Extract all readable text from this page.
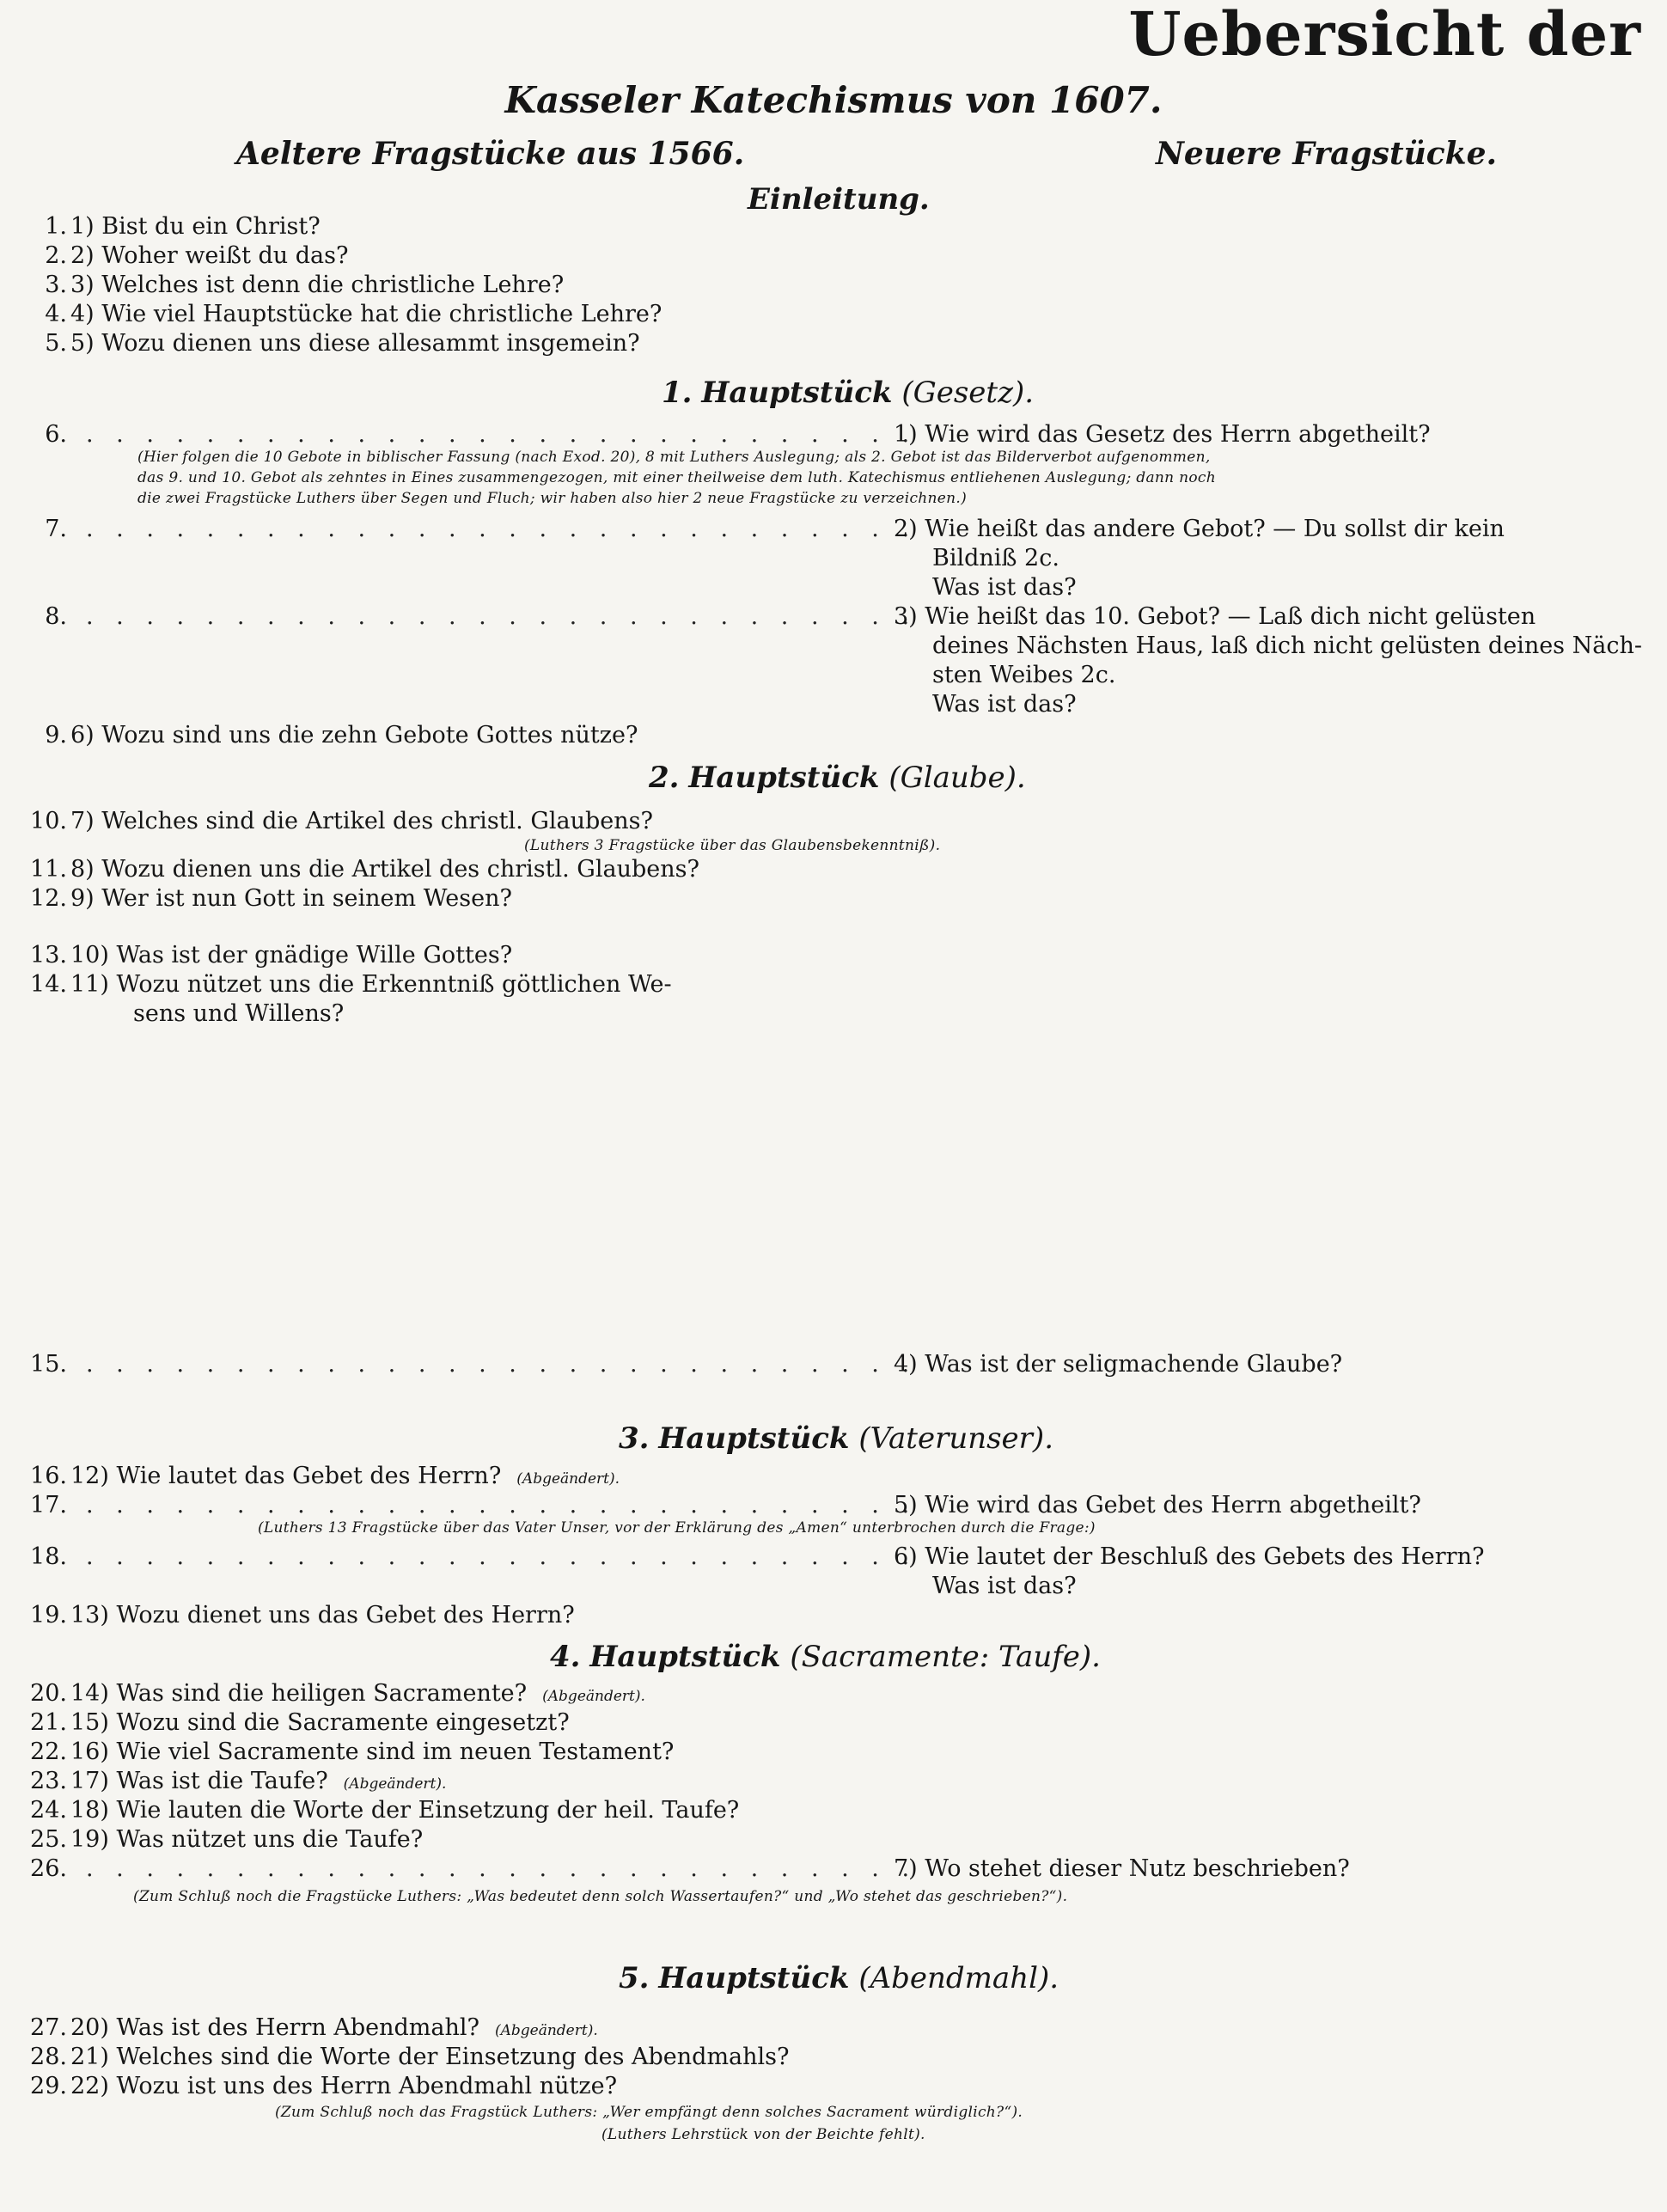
Uebersicht der
Kasseler Katechismus von 1607.
Aeltere Fragstücke aus 1566.	Neuere Fragstücke.
Einleitung.
1. 1) Bist du ein Christ?
2. 2) Woher weißt du das?
3. 3) Welches ist denn die christliche Lehre?
4. 4) Wie viel Hauptstücke hat die christliche Lehre?
5. 5) Wozu dienen uns diese allesammt insgemein?
1. Hauptstück (Gesetz).
6. . . . . . . . . . . . . . . . . . . . . . . . . . . . .
1) Wie wird das Gesetz des Herrn abgetheilt?
(Hier folgen die 10 Gebote in biblischer Fassung (nach Exod. 20), 8 mit Luthers Auslegung; als 2. Gebot ist das Bilderverbot aufgenommen,
das 9. und 10. Gebot als zehntes in Eines zusammengezogen, mit einer theilweise dem luth. Katechismus entliehenen Auslegung; dann noch
die zwei Fragstücke Luthers über Segen und Fluch; wir haben also hier 2 neue Fragstücke zu verzeichnen.)
7. . . . . . . . . . . . . . . . . . . . . . . . . . . . .
2) Wie heißt das andere Gebot? — Du sollst dir kein
Bildniß 2c.
Was ist das?
8. . . . . . . . . . . . . . . . . . . . . . . . . . . . .
3) Wie heißt das 10. Gebot? — Laß dich nicht gelüsten
deines Nächsten Haus, laß dich nicht gelüsten deines Näch-
sten Weibes 2c.
Was ist das?
9. 6) Wozu sind uns die zehn Gebote Gottes nütze?
2. Hauptstück (Glaube).
10. 7) Welches sind die Artikel des christl. Glaubens?
(Luthers 3 Fragstücke über das Glaubensbekenntniß).
11. 8) Wozu dienen uns die Artikel des christl. Glaubens?
12. 9) Wer ist nun Gott in seinem Wesen?
13. 10) Was ist der gnädige Wille Gottes?
14. 11) Wozu nützet uns die Erkenntniß göttlichen We-
sens und Willens?
15. . . . . . . . . . . . . . . . . . . . . . . . . . . . .
4) Was ist der seligmachende Glaube?
3. Hauptstück (Vaterunser).
16. 12) Wie lautet das Gebet des Herrn? (Abgeändert).
17. . . . . . . . . . . . . . . . . . . . . . . . . . . . .
5) Wie wird das Gebet des Herrn abgetheilt?
(Luthers 13 Fragstücke über das Vater Unser, vor der Erklärung des „Amen“ unterbrochen durch die Frage:)
18. . . . . . . . . . . . . . . . . . . . . . . . . . . . .
6) Wie lautet der Beschluß des Gebets des Herrn?
Was ist das?
19. 13) Wozu dienet uns das Gebet des Herrn?
4. Hauptstück (Sacramente: Taufe).
20. 14) Was sind die heiligen Sacramente? (Abgeändert).
21. 15) Wozu sind die Sacramente eingesetzt?
22. 16) Wie viel Sacramente sind im neuen Testament?
23. 17) Was ist die Taufe? (Abgeändert).
24. 18) Wie lauten die Worte der Einsetzung der heil. Taufe?
25. 19) Was nützet uns die Taufe?
26. . . . . . . . . . . . . . . . . . . . . . . . . . . . .
7) Wo stehet dieser Nutz beschrieben?
(Zum Schluß noch die Fragstücke Luthers: „Was bedeutet denn solch Wassertaufen?“ und „Wo stehet das geschrieben?“).
5. Hauptstück (Abendmahl).
27. 20) Was ist des Herrn Abendmahl? (Abgeändert).
28. 21) Welches sind die Worte der Einsetzung des Abendmahls?
29. 22) Wozu ist uns des Herrn Abendmahl nütze?
(Zum Schluß noch das Fragstück Luthers: „Wer empfängt denn solches Sacrament würdiglich?“).
(Luthers Lehrstück von der Beichte fehlt).
